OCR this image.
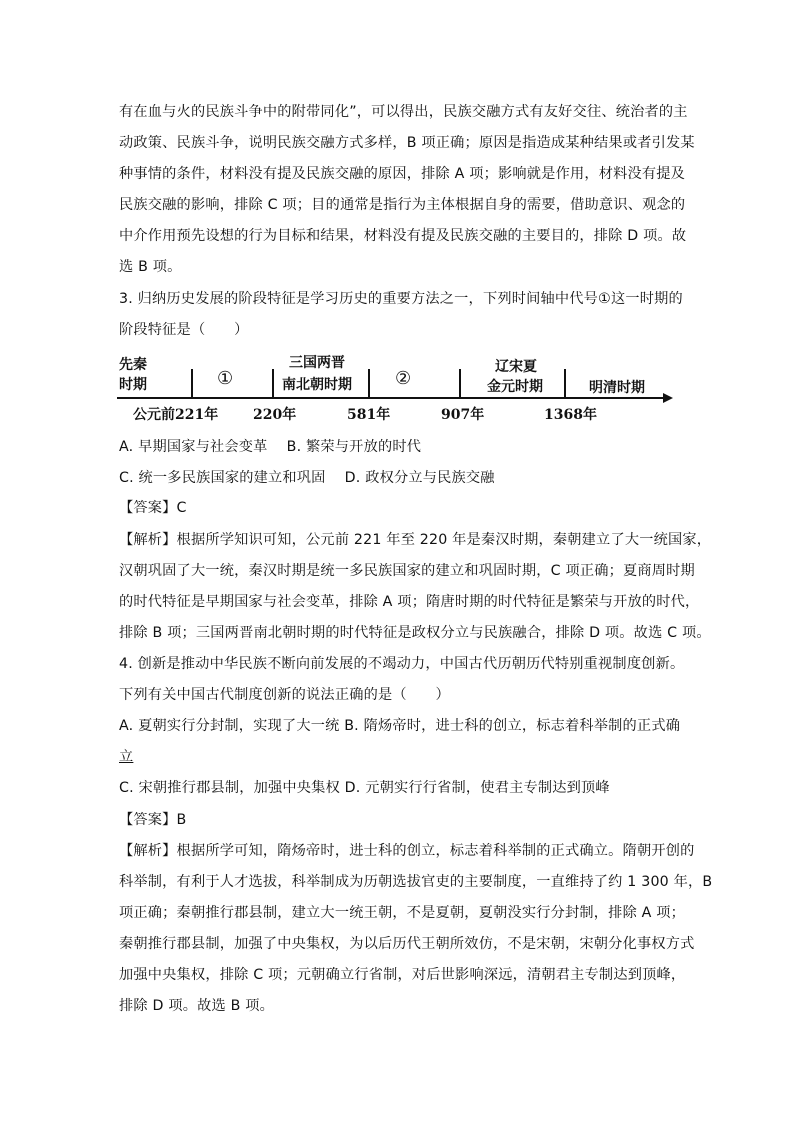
有在血与火的民族斗争中的附带同化”，可以得出，民族交融方式有友好交往、统治者的主
动政策、民族斗争，说明民族交融方式多样，B 项正确；原因是指造成某种结果或者引发某
种事情的条件，材料没有提及民族交融的原因，排除 A 项；影响就是作用，材料没有提及
民族交融的影响，排除 C 项；目的通常是指行为主体根据自身的需要，借助意识、观念的
中介作用预先设想的行为目标和结果，材料没有提及民族交融的主要目的，排除 D 项。故
选 B 项。
3. 归纳历史发展的阶段特征是学习历史的重要方法之一，下列时间轴中代号①这一时期的
阶段特征是（　　）
先秦
时期	①
三国两晋
南北朝时期 ②
辽宋夏
金元时期	明清时期
公元前221年 220年	581年	907年	1368年
A. 早期国家与社会变革　 B. 繁荣与开放的时代
C. 统一多民族国家的建立和巩固　 D. 政权分立与民族交融
【答案】C
【解析】根据所学知识可知，公元前 221 年至 220 年是秦汉时期，秦朝建立了大一统国家，
汉朝巩固了大一统，秦汉时期是统一多民族国家的建立和巩固时期，C 项正确；夏商周时期
的时代特征是早期国家与社会变革，排除 A 项；隋唐时期的时代特征是繁荣与开放的时代，
排除 B 项；三国两晋南北朝时期的时代特征是政权分立与民族融合，排除 D 项。故选 C 项。
4. 创新是推动中华民族不断向前发展的不竭动力，中国古代历朝历代特别重视制度创新。
下列有关中国古代制度创新的说法正确的是（　　）
A. 夏朝实行分封制，实现了大一统 B. 隋炀帝时，进士科的创立，标志着科举制的正式确
立
C. 宋朝推行郡县制，加强中央集权 D. 元朝实行行省制，使君主专制达到顶峰
【答案】B
【解析】根据所学可知，隋炀帝时，进士科的创立，标志着科举制的正式确立。隋朝开创的
科举制，有利于人才选拔，科举制成为历朝选拔官吏的主要制度，一直维持了约 1 300 年，B
项正确；秦朝推行郡县制，建立大一统王朝，不是夏朝，夏朝没实行分封制，排除 A 项；
秦朝推行郡县制，加强了中央集权，为以后历代王朝所效仿，不是宋朝，宋朝分化事权方式
加强中央集权，排除 C 项；元朝确立行省制，对后世影响深远，清朝君主专制达到顶峰，
排除 D 项。故选 B 项。
